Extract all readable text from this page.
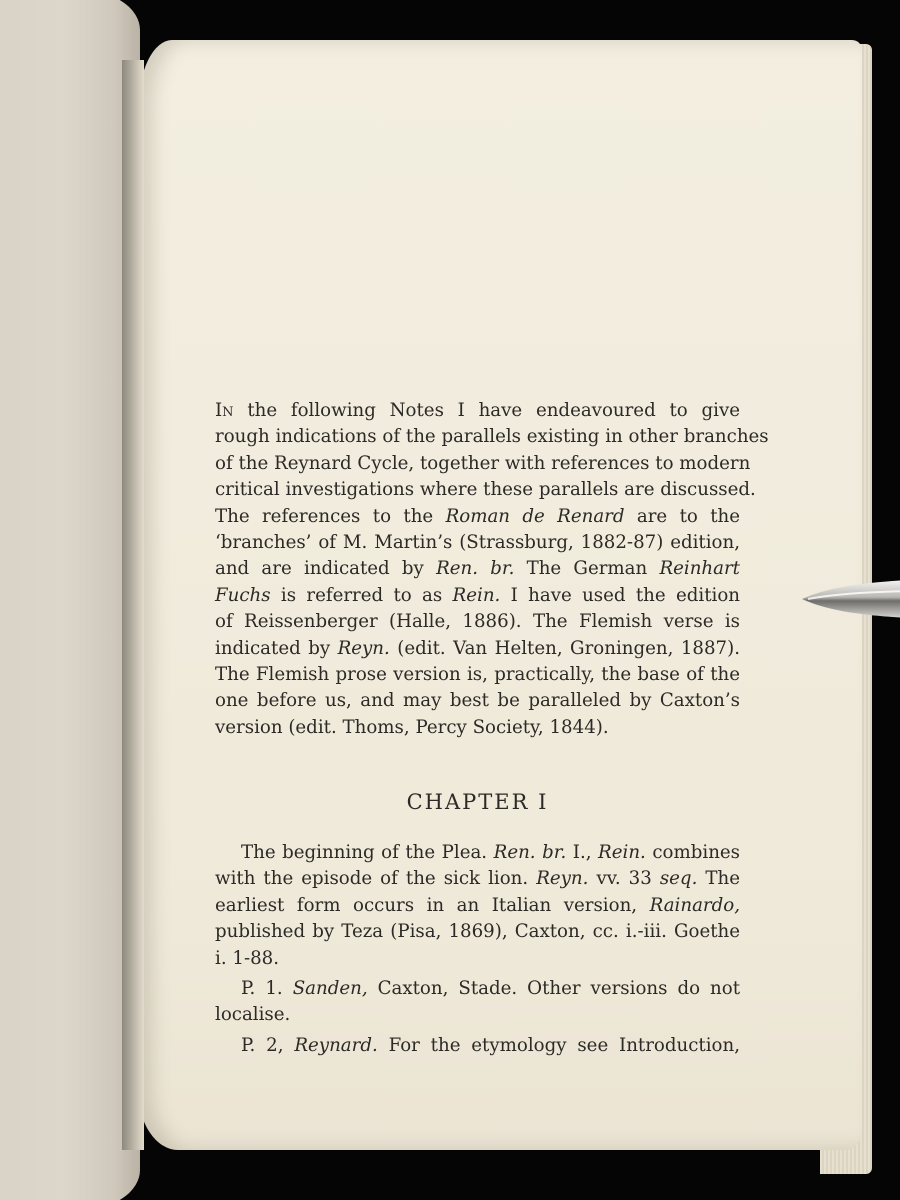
In the following Notes I have endeavoured to give
rough indications of the parallels existing in other branches
of the Reynard Cycle, together with references to modern
critical investigations where these parallels are discussed.
The references to the Roman de Renard are to the
‘branches’ of M. Martin’s (Strassburg, 1882-87) edition,
and are indicated by Ren. br. The German Reinhart
Fuchs is referred to as Rein. I have used the edition
of Reissenberger (Halle, 1886). The Flemish verse is
indicated by Reyn. (edit. Van Helten, Groningen, 1887).
The Flemish prose version is, practically, the base of the
one before us, and may best be paralleled by Caxton’s
version (edit. Thoms, Percy Society, 1844).
CHAPTER I
The beginning of the Plea. Ren. br. I., Rein. combines
with the episode of the sick lion. Reyn. vv. 33 seq. The
earliest form occurs in an Italian version, Rainardo,
published by Teza (Pisa, 1869), Caxton, cc. i.-iii. Goethe
i. 1-88.
P. 1. Sanden, Caxton, Stade. Other versions do not
localise.
P. 2, Reynard. For the etymology see Introduction,
